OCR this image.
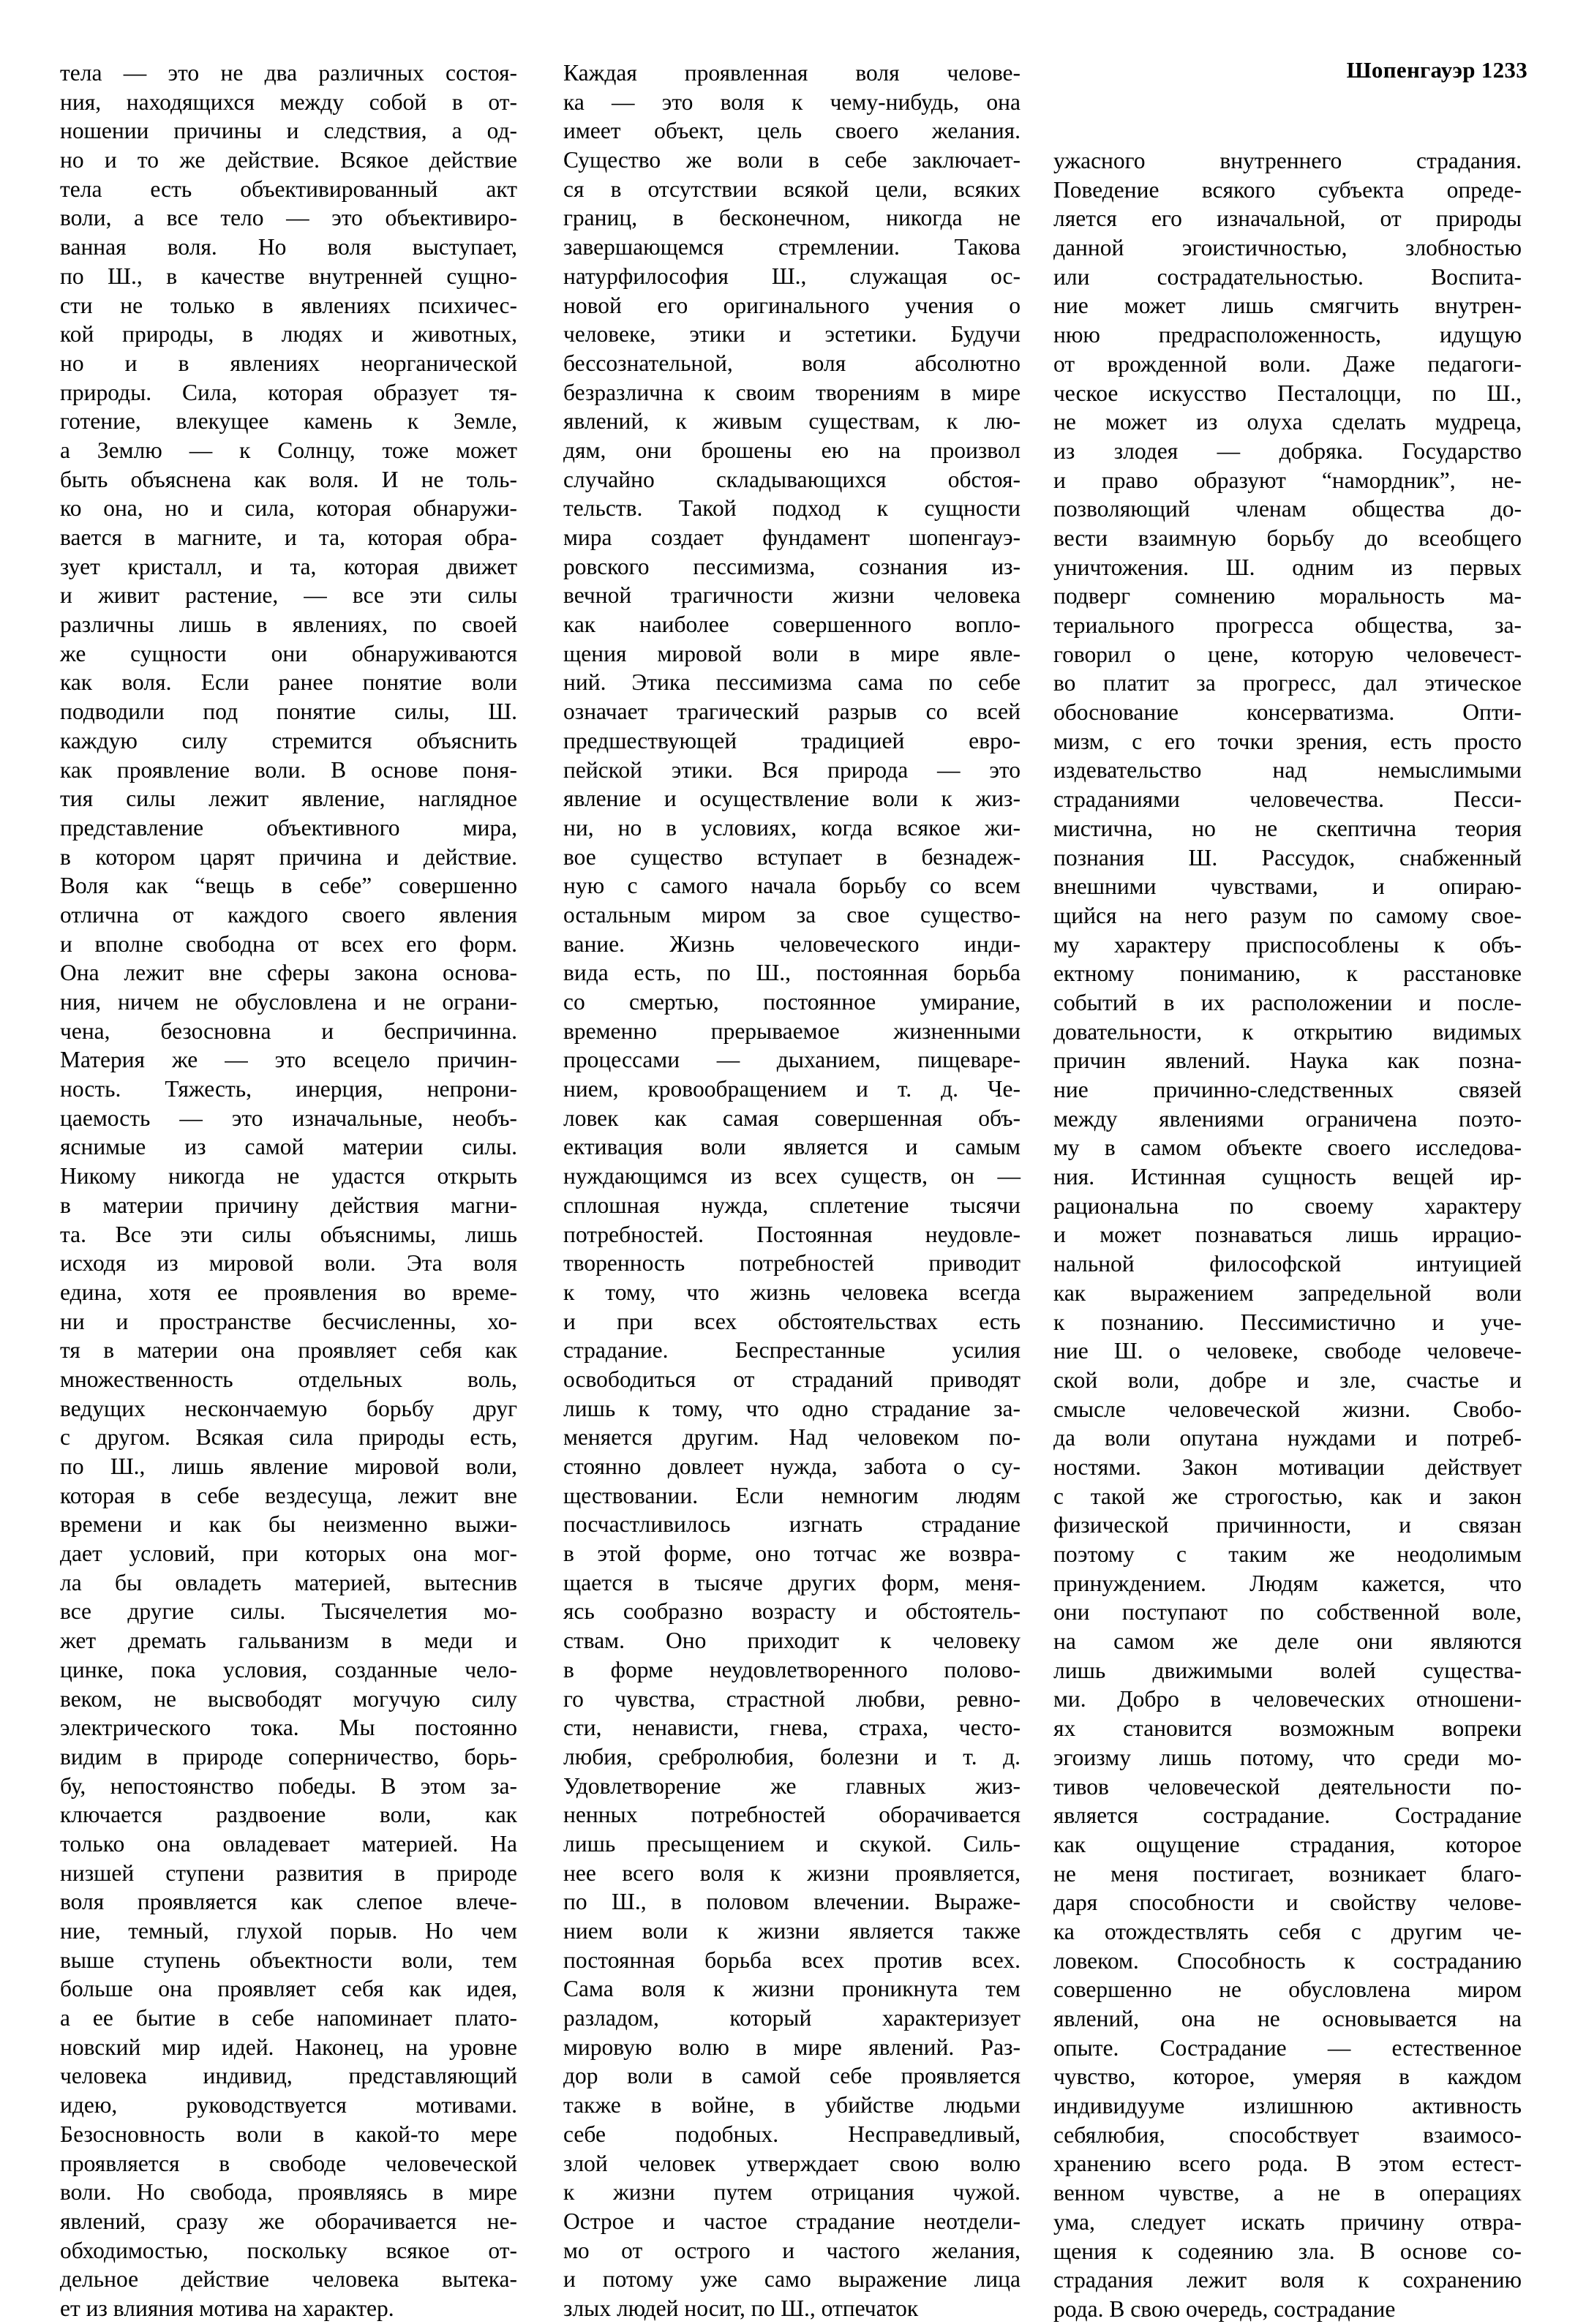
Шопенгауэр 1233
тела — это не два различных состоя-
ния, находящихся между собой в от-
ношении причины и следствия, а од-
но и то же действие. Всякое действие
тела есть объективированный акт
воли, а все тело — это объективиро-
ванная воля. Но воля выступает,
по Ш., в качестве внутренней сущно-
сти не только в явлениях психичес-
кой природы, в людях и животных,
но и в явлениях неорганической
природы. Сила, которая образует тя-
готение, влекущее камень к Земле,
а Землю — к Солнцу, тоже может
быть объяснена как воля. И не толь-
ко она, но и сила, которая обнаружи-
вается в магните, и та, которая обра-
зует кристалл, и та, которая движет
и живит растение, — все эти силы
различны лишь в явлениях, по своей
же сущности они обнаруживаются
как воля. Если ранее понятие воли
подводили под понятие силы, Ш.
каждую силу стремится объяснить
как проявление воли. В основе поня-
тия силы лежит явление, наглядное
представление объективного мира,
в котором царят причина и действие.
Воля как “вещь в себе” совершенно
отлична от каждого своего явления
и вполне свободна от всех его форм.
Она лежит вне сферы закона основа-
ния, ничем не обусловлена и не ограни-
чена, безосновна и беспричинна.
Материя же — это всецело причин-
ность. Тяжесть, инерция, непрони-
цаемость — это изначальные, необъ-
яснимые из самой материи силы.
Никому никогда не удастся открыть
в материи причину действия магни-
та. Все эти силы объяснимы, лишь
исходя из мировой воли. Эта воля
едина, хотя ее проявления во време-
ни и пространстве бесчисленны, хо-
тя в материи она проявляет себя как
множественность отдельных воль,
ведущих нескончаемую борьбу друг
с другом. Всякая сила природы есть,
по Ш., лишь явление мировой воли,
которая в себе вездесуща, лежит вне
времени и как бы неизменно выжи-
дает условий, при которых она мог-
ла бы овладеть материей, вытеснив
все другие силы. Тысячелетия мо-
жет дремать гальванизм в меди и
цинке, пока условия, созданные чело-
веком, не высвободят могучую силу
электрического тока. Мы постоянно
видим в природе соперничество, борь-
бу, непостоянство победы. В этом за-
ключается раздвоение воли, как
только она овладевает материей. На
низшей ступени развития в природе
воля проявляется как слепое влече-
ние, темный, глухой порыв. Но чем
выше ступень объектности воли, тем
больше она проявляет себя как идея,
а ее бытие в себе напоминает плато-
новский мир идей. Наконец, на уровне
человека индивид, представляющий
идею, руководствуется мотивами.
Безосновность воли в какой-то мере
проявляется в свободе человеческой
воли. Но свобода, проявляясь в мире
явлений, сразу же оборачивается не-
обходимостью, поскольку всякое от-
дельное действие человека вытека-
ет из влияния мотива на характер.
Каждая проявленная воля челове-
ка — это воля к чему-нибудь, она
имеет объект, цель своего желания.
Существо же воли в себе заключает-
ся в отсутствии всякой цели, всяких
границ, в бесконечном, никогда не
завершающемся стремлении. Такова
натурфилософия Ш., служащая ос-
новой его оригинального учения о
человеке, этики и эстетики. Будучи
бессознательной, воля абсолютно
безразлична к своим творениям в мире
явлений, к живым существам, к лю-
дям, они брошены ею на произвол
случайно складывающихся обстоя-
тельств. Такой подход к сущности
мира создает фундамент шопенгауэ-
ровского пессимизма, сознания из-
вечной трагичности жизни человека
как наиболее совершенного вопло-
щения мировой воли в мире явле-
ний. Этика пессимизма сама по себе
означает трагический разрыв со всей
предшествующей традицией евро-
пейской этики. Вся природа — это
явление и осуществление воли к жиз-
ни, но в условиях, когда всякое жи-
вое существо вступает в безнадеж-
ную с самого начала борьбу со всем
остальным миром за свое существо-
вание. Жизнь человеческого инди-
вида есть, по Ш., постоянная борьба
со смертью, постоянное умирание,
временно прерываемое жизненными
процессами — дыханием, пищеваре-
нием, кровообращением и т. д. Че-
ловек как самая совершенная объ-
ективация воли является и самым
нуждающимся из всех существ, он —
сплошная нужда, сплетение тысячи
потребностей. Постоянная неудовле-
творенность потребностей приводит
к тому, что жизнь человека всегда
и при всех обстоятельствах есть
страдание. Беспрестанные усилия
освободиться от страданий приводят
лишь к тому, что одно страдание за-
меняется другим. Над человеком по-
стоянно довлеет нужда, забота о су-
ществовании. Если немногим людям
посчастливилось изгнать страдание
в этой форме, оно тотчас же возвра-
щается в тысяче других форм, меня-
ясь сообразно возрасту и обстоятель-
ствам. Оно приходит к человеку
в форме неудовлетворенного полово-
го чувства, страстной любви, ревно-
сти, ненависти, гнева, страха, често-
любия, сребролюбия, болезни и т. д.
Удовлетворение же главных жиз-
ненных потребностей оборачивается
лишь пресыщением и скукой. Силь-
нее всего воля к жизни проявляется,
по Ш., в половом влечении. Выраже-
нием воли к жизни является также
постоянная борьба всех против всех.
Сама воля к жизни проникнута тем
разладом, который характеризует
мировую волю в мире явлений. Раз-
дор воли в самой себе проявляется
также в войне, в убийстве людьми
себе подобных. Несправедливый,
злой человек утверждает свою волю
к жизни путем отрицания чужой.
Острое и частое страдание неотдели-
мо от острого и частого желания,
и потому уже само выражение лица
злых людей носит, по Ш., отпечаток
ужасного внутреннего страдания.
Поведение всякого субъекта опреде-
ляется его изначальной, от природы
данной эгоистичностью, злобностью
или сострадательностью. Воспита-
ние может лишь смягчить внутрен-
нюю предрасположенность, идущую
от врожденной воли. Даже педагоги-
ческое искусство Песталоцци, по Ш.,
не может из олуха сделать мудреца,
из злодея — добряка. Государство
и право образуют “намордник”, не-
позволяющий членам общества до-
вести взаимную борьбу до всеобщего
уничтожения. Ш. одним из первых
подверг сомнению моральность ма-
териального прогресса общества, за-
говорил о цене, которую человечест-
во платит за прогресс, дал этическое
обоснование консерватизма. Опти-
мизм, с его точки зрения, есть просто
издевательство над немыслимыми
страданиями человечества. Песси-
мистична, но не скептична теория
познания Ш. Рассудок, снабженный
внешними чувствами, и опираю-
щийся на него разум по самому свое-
му характеру приспособлены к объ-
ектному пониманию, к расстановке
событий в их расположении и после-
довательности, к открытию видимых
причин явлений. Наука как позна-
ние причинно-следственных связей
между явлениями ограничена поэто-
му в самом объекте своего исследова-
ния. Истинная сущность вещей ир-
рациональна по своему характеру
и может познаваться лишь иррацио-
нальной философской интуицией
как выражением запредельной воли
к познанию. Пессимистично и уче-
ние Ш. о человеке, свободе человече-
ской воли, добре и зле, счастье и
смысле человеческой жизни. Свобо-
да воли опутана нуждами и потреб-
ностями. Закон мотивации действует
с такой же строгостью, как и закон
физической причинности, и связан
поэтому с таким же неодолимым
принуждением. Людям кажется, что
они поступают по собственной воле,
на самом же деле они являются
лишь движимыми волей существа-
ми. Добро в человеческих отношени-
ях становится возможным вопреки
эгоизму лишь потому, что среди мо-
тивов человеческой деятельности по-
является сострадание. Сострадание
как ощущение страдания, которое
не меня постигает, возникает благо-
даря способности и свойству челове-
ка отождествлять себя с другим че-
ловеком. Способность к состраданию
совершенно не обусловлена миром
явлений, она не основывается на
опыте. Сострадание — естественное
чувство, которое, умеряя в каждом
индивидууме излишнюю активность
себялюбия, способствует взаимосо-
хранению всего рода. В этом естест-
венном чувстве, а не в операциях
ума, следует искать причину отвра-
щения к содеянию зла. В основе со-
страдания лежит воля к сохранению
рода. В свою очередь, сострадание
